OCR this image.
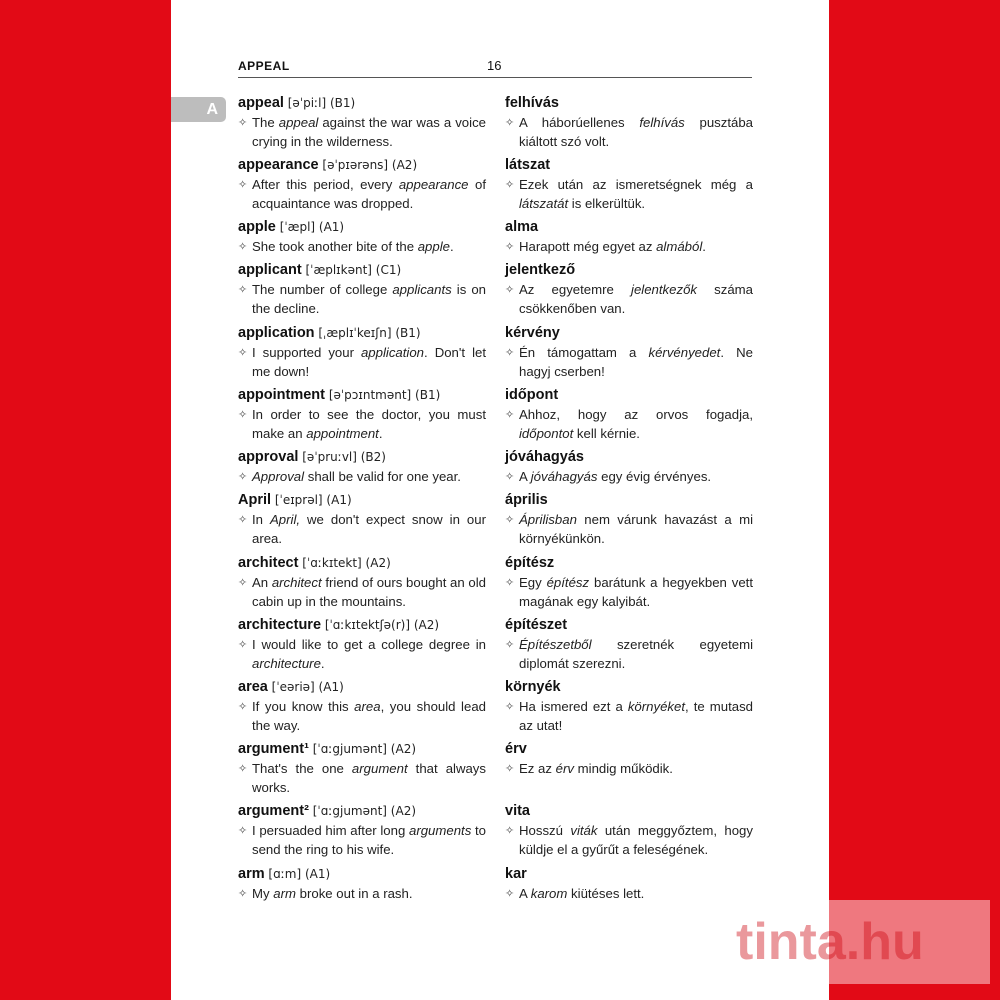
APPEAL	16
A appeal [əˈpiːl] (B1)
✧ The appeal against the war was a voice crying in the wilderness.
appearance [əˈpɪərəns] (A2)
✧ After this period, every appearance of acquaintance was dropped.
apple [ˈæpl] (A1)
✧ She took another bite of the apple.
applicant [ˈæplɪkənt] (C1)
✧ The number of college applicants is on the decline.
application [ˌæplɪˈkeɪʃn] (B1)
✧ I supported your application. Don't let me down!
appointment [əˈpɔɪntmənt] (B1)
✧ In order to see the doctor, you must make an appointment.
approval [əˈpruːvl] (B2)
✧ Approval shall be valid for one year.
April [ˈeɪprəl] (A1)
✧ In April, we don't expect snow in our area.
architect [ˈɑːkɪtekt] (A2)
✧ An architect friend of ours bought an old cabin up in the mountains.
architecture [ˈɑːkɪtektʃə(r)] (A2)
✧ I would like to get a college degree in architecture.
area [ˈeəriə] (A1)
✧ If you know this area, you should lead the way.
argument¹ [ˈɑːgjumənt] (A2)
✧ That's the one argument that always works.
argument² [ˈɑːgjumənt] (A2)
✧ I persuaded him after long arguments to send the ring to his wife.
arm [ɑːm] (A1)
✧ My arm broke out in a rash.
felhívás
✧ A háborúellenes felhívás pusztába kiáltott szó volt.
látszat
✧ Ezek után az ismeretségnek még a látszatát is elkerültük.
alma
✧ Harapott még egyet az almából.
jelentkező
✧ Az egyetemre jelentkezők száma csökkenőben van.
kérvény
✧ Én támogattam a kérvényedet. Ne hagyj cserben!
időpont
✧ Ahhoz, hogy az orvos fogadja, időpontot kell kérnie.
jóváhagyás
✧ A jóváhagyás egy évig érvényes.
április
✧ Áprilisban nem várunk havazást a mi környékünkön.
építész
✧ Egy építész barátunk a hegyekben vett magának egy kalyibát.
építészet
✧ Építészetből szeretnék egyetemi diplomát szerezni.
környék
✧ Ha ismered ezt a környéket, te mutasd az utat!
érv
✧ Ez az érv mindig működik.
vita
✧ Hosszú viták után meggyőztem, hogy küldje el a gyűrűt a feleségének.
kar
✧ A karom kiütéses lett.
tinta.hu
